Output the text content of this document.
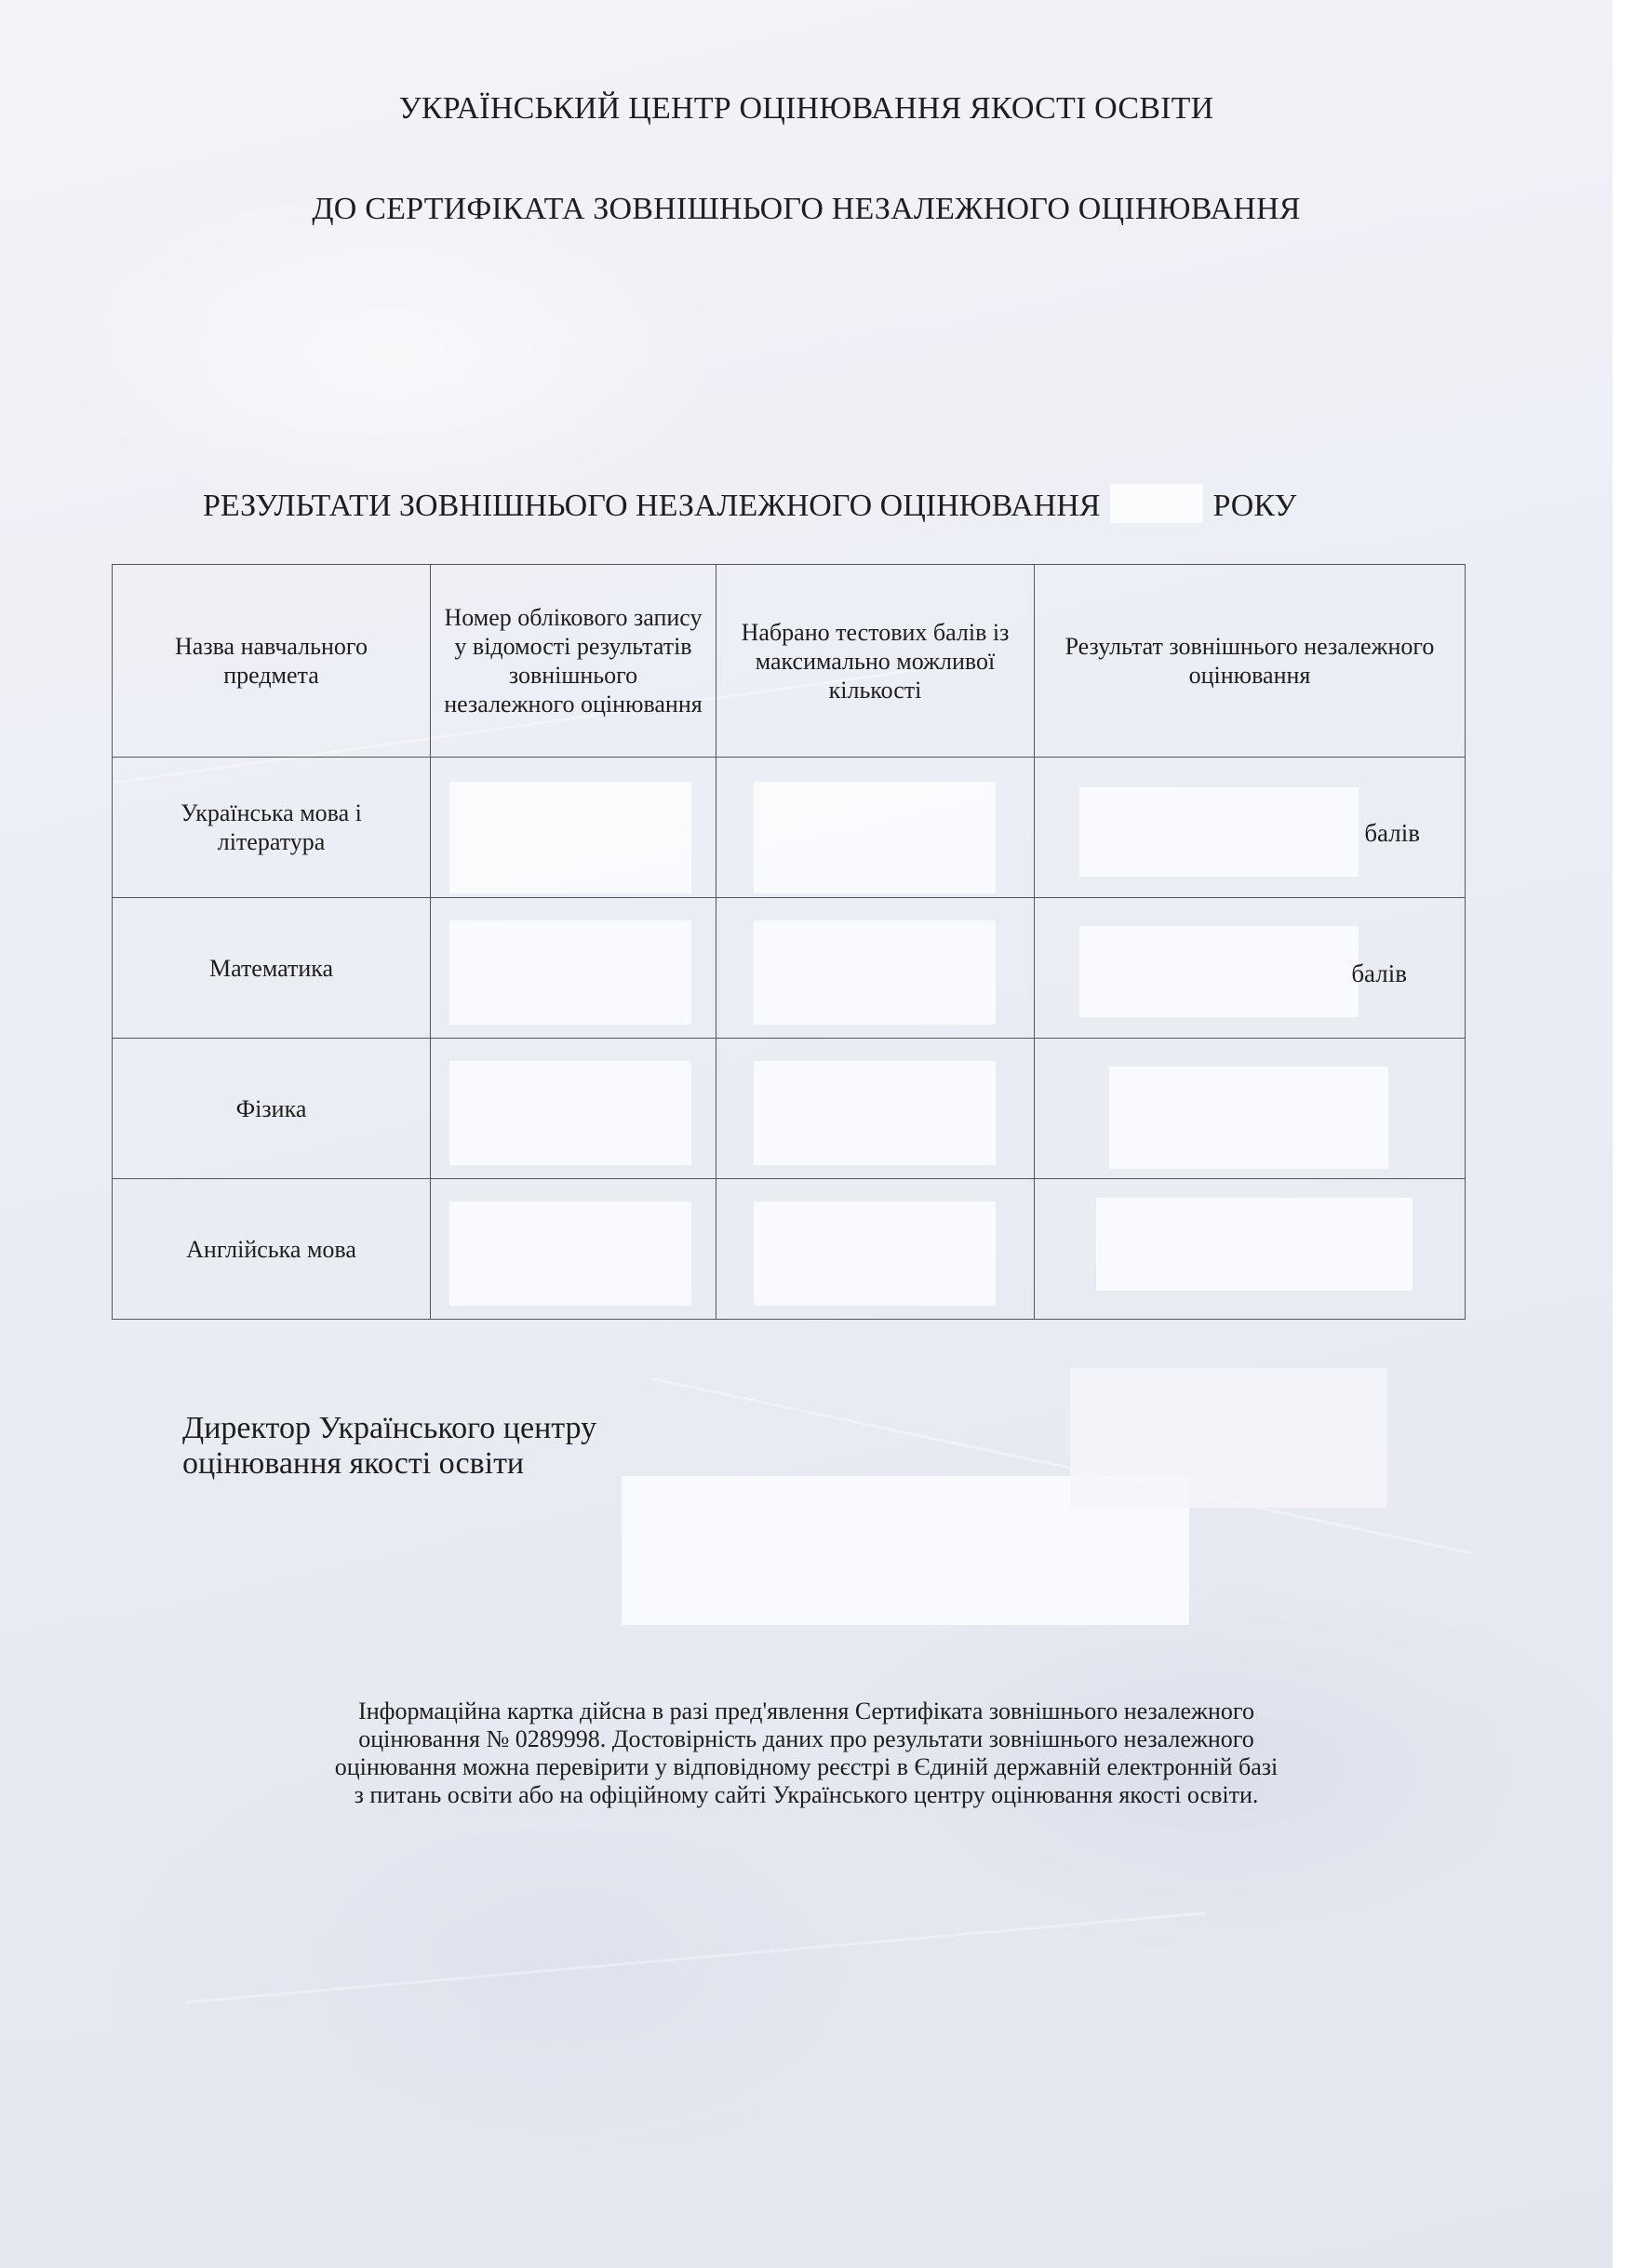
УКРАЇНСЬКИЙ ЦЕНТР ОЦІНЮВАННЯ ЯКОСТІ ОСВІТИ
ДО СЕРТИФІКАТА ЗОВНІШНЬОГО НЕЗАЛЕЖНОГО ОЦІНЮВАННЯ
РЕЗУЛЬТАТИ ЗОВНІШНЬОГО НЕЗАЛЕЖНОГО ОЦІНЮВАННЯ	РОКУ
Назва навчального предмета	Номер облікового запису у відомості результатів зовнішнього незалежного оцінювання	Набрано тестових балів із максимально можливої кількості	Результат зовнішнього незалежного оцінювання
Українська мова і література			балів

Математика			балів

Фізика	

Англійська мова	

Директор Українського центру
оцінювання якості освіти
Інформаційна картка дійсна в разі пред'явлення Сертифіката зовнішнього незалежного
оцінювання № 0289998. Достовірність даних про результати зовнішнього незалежного
оцінювання можна перевірити у відповідному реєстрі в Єдиній державній електронній базі
з питань освіти або на офіційному сайті Українського центру оцінювання якості освіти.
